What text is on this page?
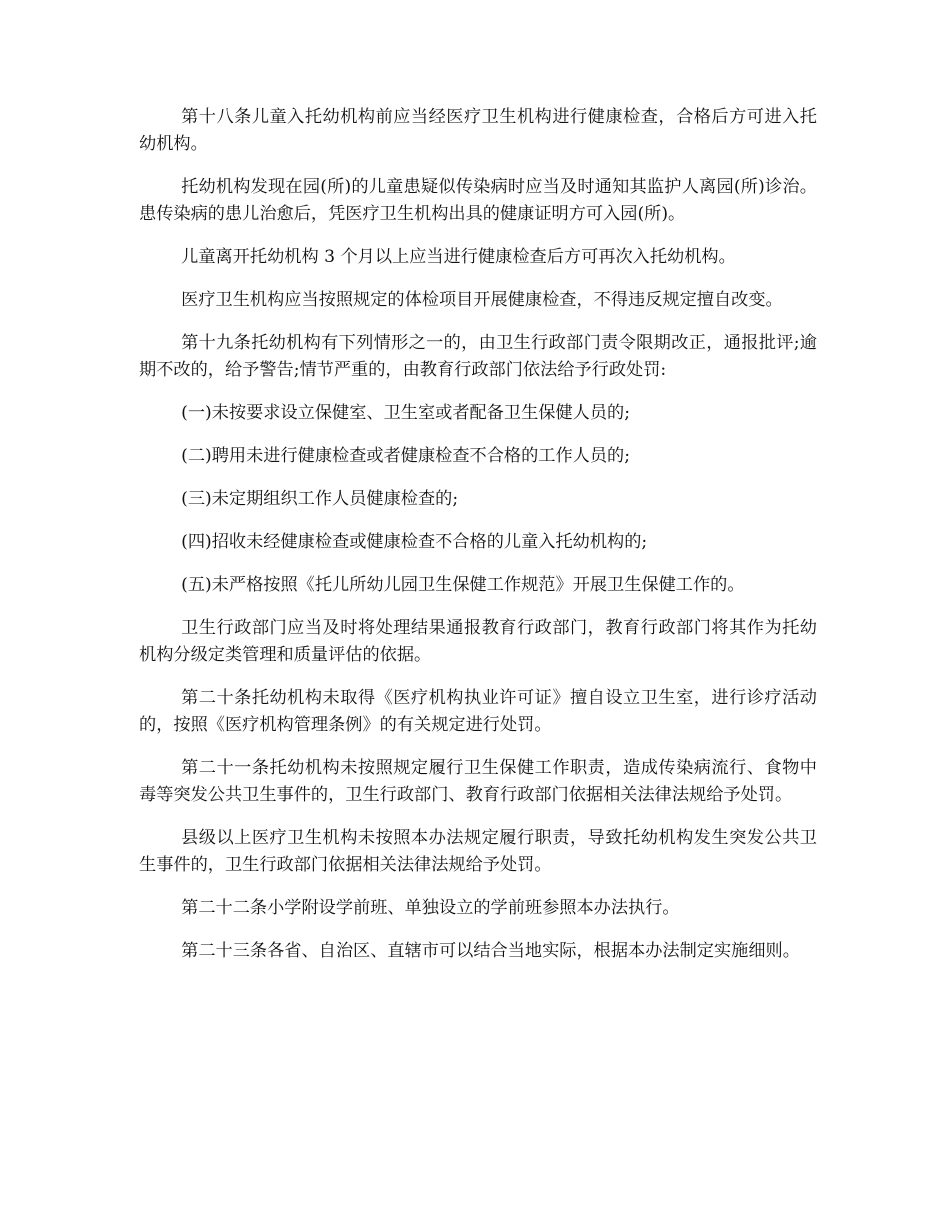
第十八条儿童入托幼机构前应当经医疗卫生机构进行健康检查，合格后方可进入托幼机构。

托幼机构发现在园(所)的儿童患疑似传染病时应当及时通知其监护人离园(所)诊治。患传染病的患儿治愈后，凭医疗卫生机构出具的健康证明方可入园(所)。

儿童离开托幼机构 3 个月以上应当进行健康检查后方可再次入托幼机构。

医疗卫生机构应当按照规定的体检项目开展健康检查，不得违反规定擅自改变。

第十九条托幼机构有下列情形之一的，由卫生行政部门责令限期改正，通报批评;逾期不改的，给予警告;情节严重的，由教育行政部门依法给予行政处罚:

(一)未按要求设立保健室、卫生室或者配备卫生保健人员的;

(二)聘用未进行健康检查或者健康检查不合格的工作人员的;

(三)未定期组织工作人员健康检查的;

(四)招收未经健康检查或健康检查不合格的儿童入托幼机构的;

(五)未严格按照《托儿所幼儿园卫生保健工作规范》开展卫生保健工作的。

卫生行政部门应当及时将处理结果通报教育行政部门，教育行政部门将其作为托幼机构分级定类管理和质量评估的依据。

第二十条托幼机构未取得《医疗机构执业许可证》擅自设立卫生室，进行诊疗活动的，按照《医疗机构管理条例》的有关规定进行处罚。

第二十一条托幼机构未按照规定履行卫生保健工作职责，造成传染病流行、食物中毒等突发公共卫生事件的，卫生行政部门、教育行政部门依据相关法律法规给予处罚。

县级以上医疗卫生机构未按照本办法规定履行职责，导致托幼机构发生突发公共卫生事件的，卫生行政部门依据相关法律法规给予处罚。

第二十二条小学附设学前班、单独设立的学前班参照本办法执行。

第二十三条各省、自治区、直辖市可以结合当地实际，根据本办法制定实施细则。
